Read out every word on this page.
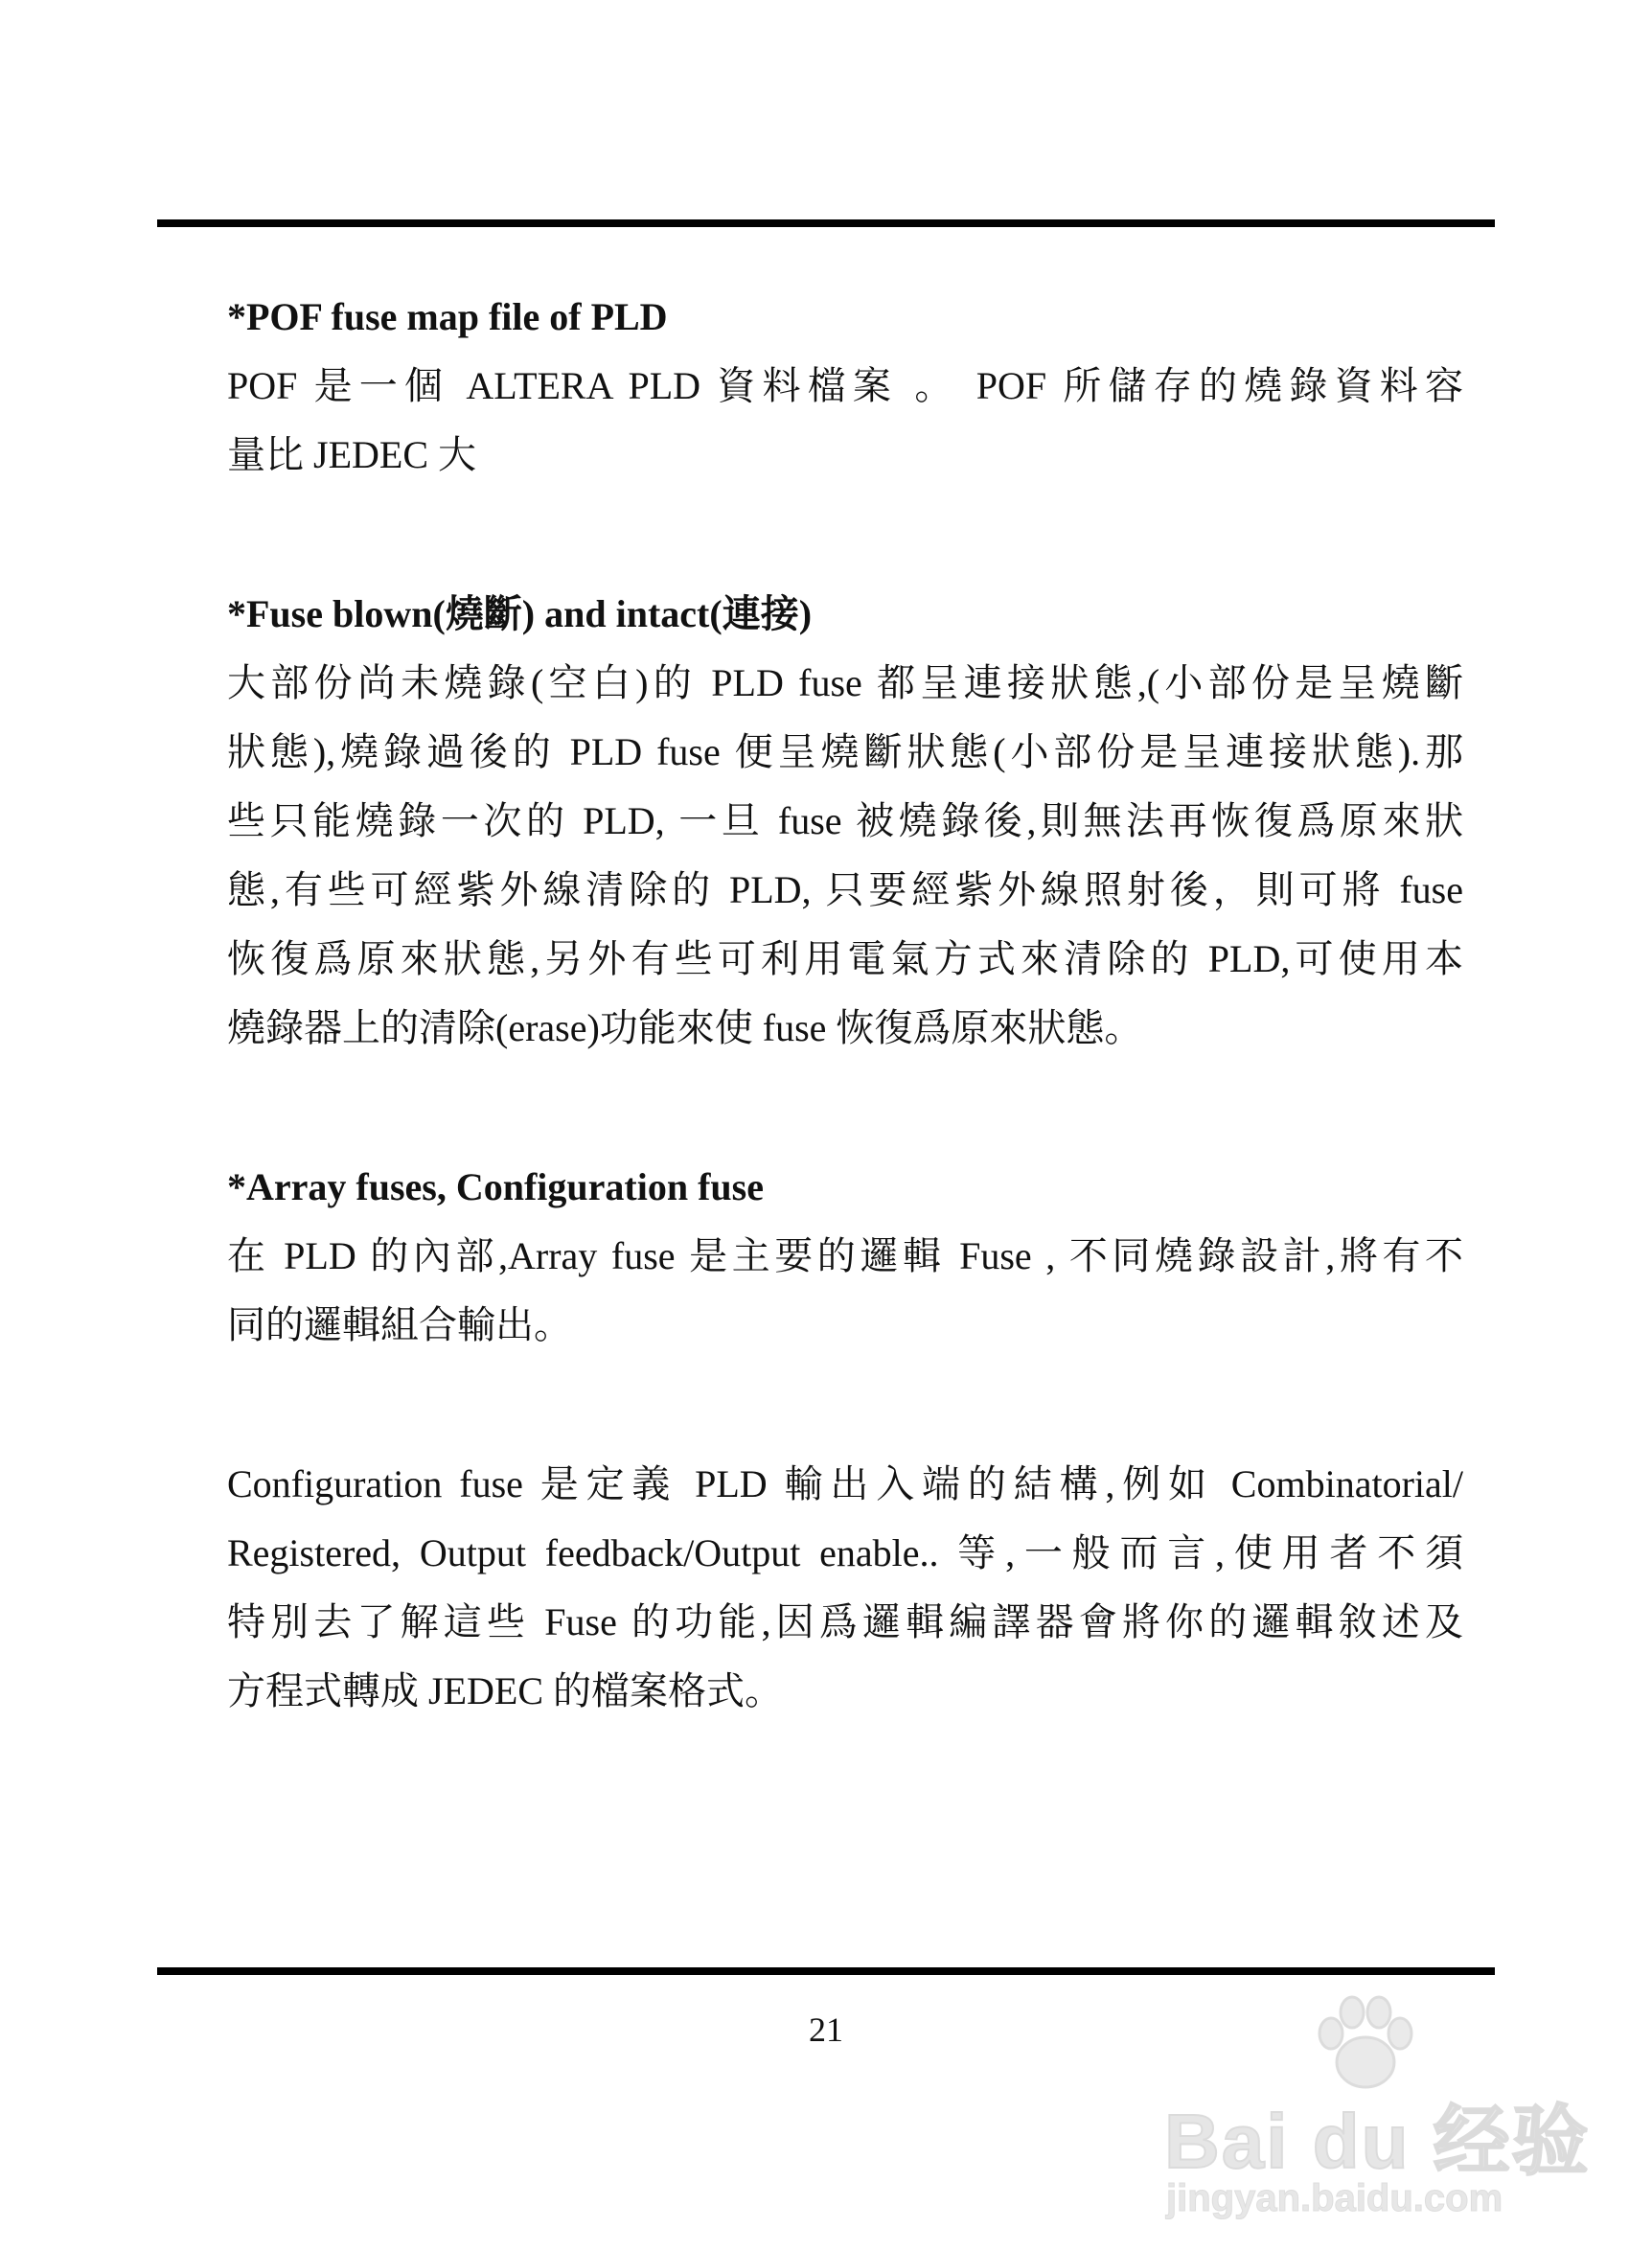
*POF fuse map file of PLD

POF 是一個 ALTERA PLD 資料檔案 。 POF 所儲存的燒錄資料容
量比 JEDEC 大

*Fuse blown(燒斷) and intact(連接)

大部份尚未燒錄(空白)的 PLD fuse 都呈連接狀態,(小部份是呈燒斷
狀態),燒錄過後的 PLD fuse 便呈燒斷狀態(小部份是呈連接狀態).那
些只能燒錄一次的 PLD, 一旦 fuse 被燒錄後,則無法再恢復爲原來狀
態,有些可經紫外線清除的 PLD, 只要經紫外線照射後，則可將 fuse
恢復爲原來狀態,另外有些可利用電氣方式來清除的 PLD,可使用本
燒錄器上的清除(erase)功能來使 fuse 恢復爲原來狀態。

*Array fuses, Configuration fuse

在 PLD 的內部,Array fuse 是主要的邏輯 Fuse , 不同燒錄設計,將有不
同的邏輯組合輸出。

Configuration fuse 是定義 PLD 輸出入端的結構,例如 Combinatorial/
Registered, Output feedback/Output enable.. 等,一般而言,使用者不須
特別去了解這些 Fuse 的功能,因爲邏輯編譯器會將你的邏輯敘述及
方程式轉成 JEDEC 的檔案格式。

21
Bai du 经验
jingyan.baidu.com
